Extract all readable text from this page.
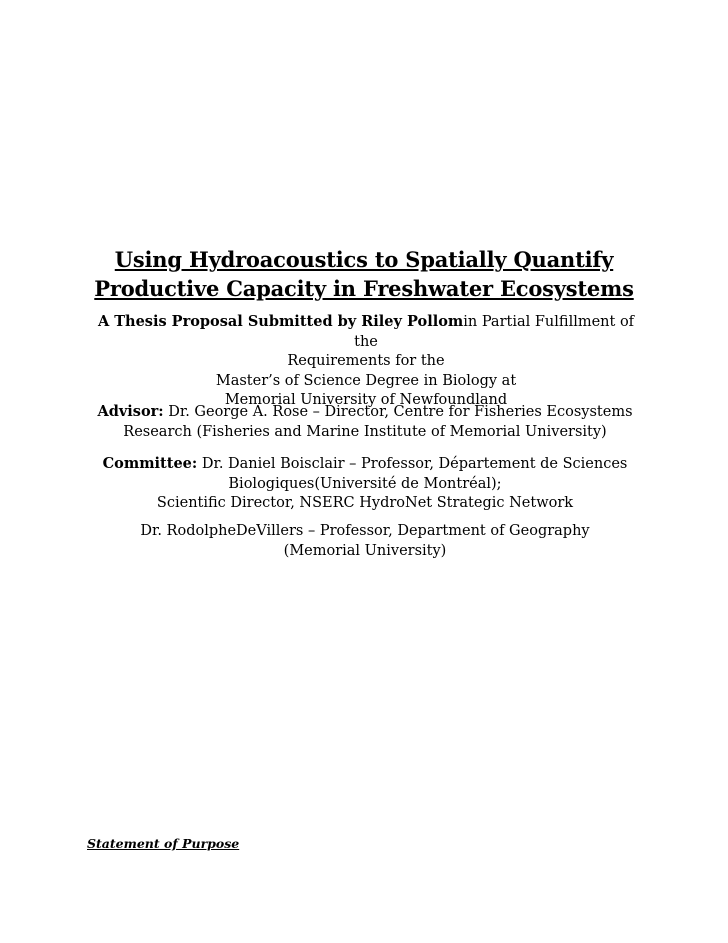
Using Hydroacoustics to Spatially Quantify
Productive Capacity in Freshwater Ecosystems
A Thesis Proposal Submitted by Riley Pollomin Partial Fulfillment of the
Requirements for the
Master’s of Science Degree in Biology at
Memorial University of Newfoundland
Advisor: Dr. George A. Rose – Director, Centre for Fisheries Ecosystems
Research (Fisheries and Marine Institute of Memorial University)
Committee: Dr. Daniel Boisclair – Professor, Département de Sciences
Biologiques(Université de Montréal);
Scientific Director, NSERC HydroNet Strategic Network
Dr. RodolpheDeVillers – Professor, Department of Geography
(Memorial University)
Statement of Purpose
